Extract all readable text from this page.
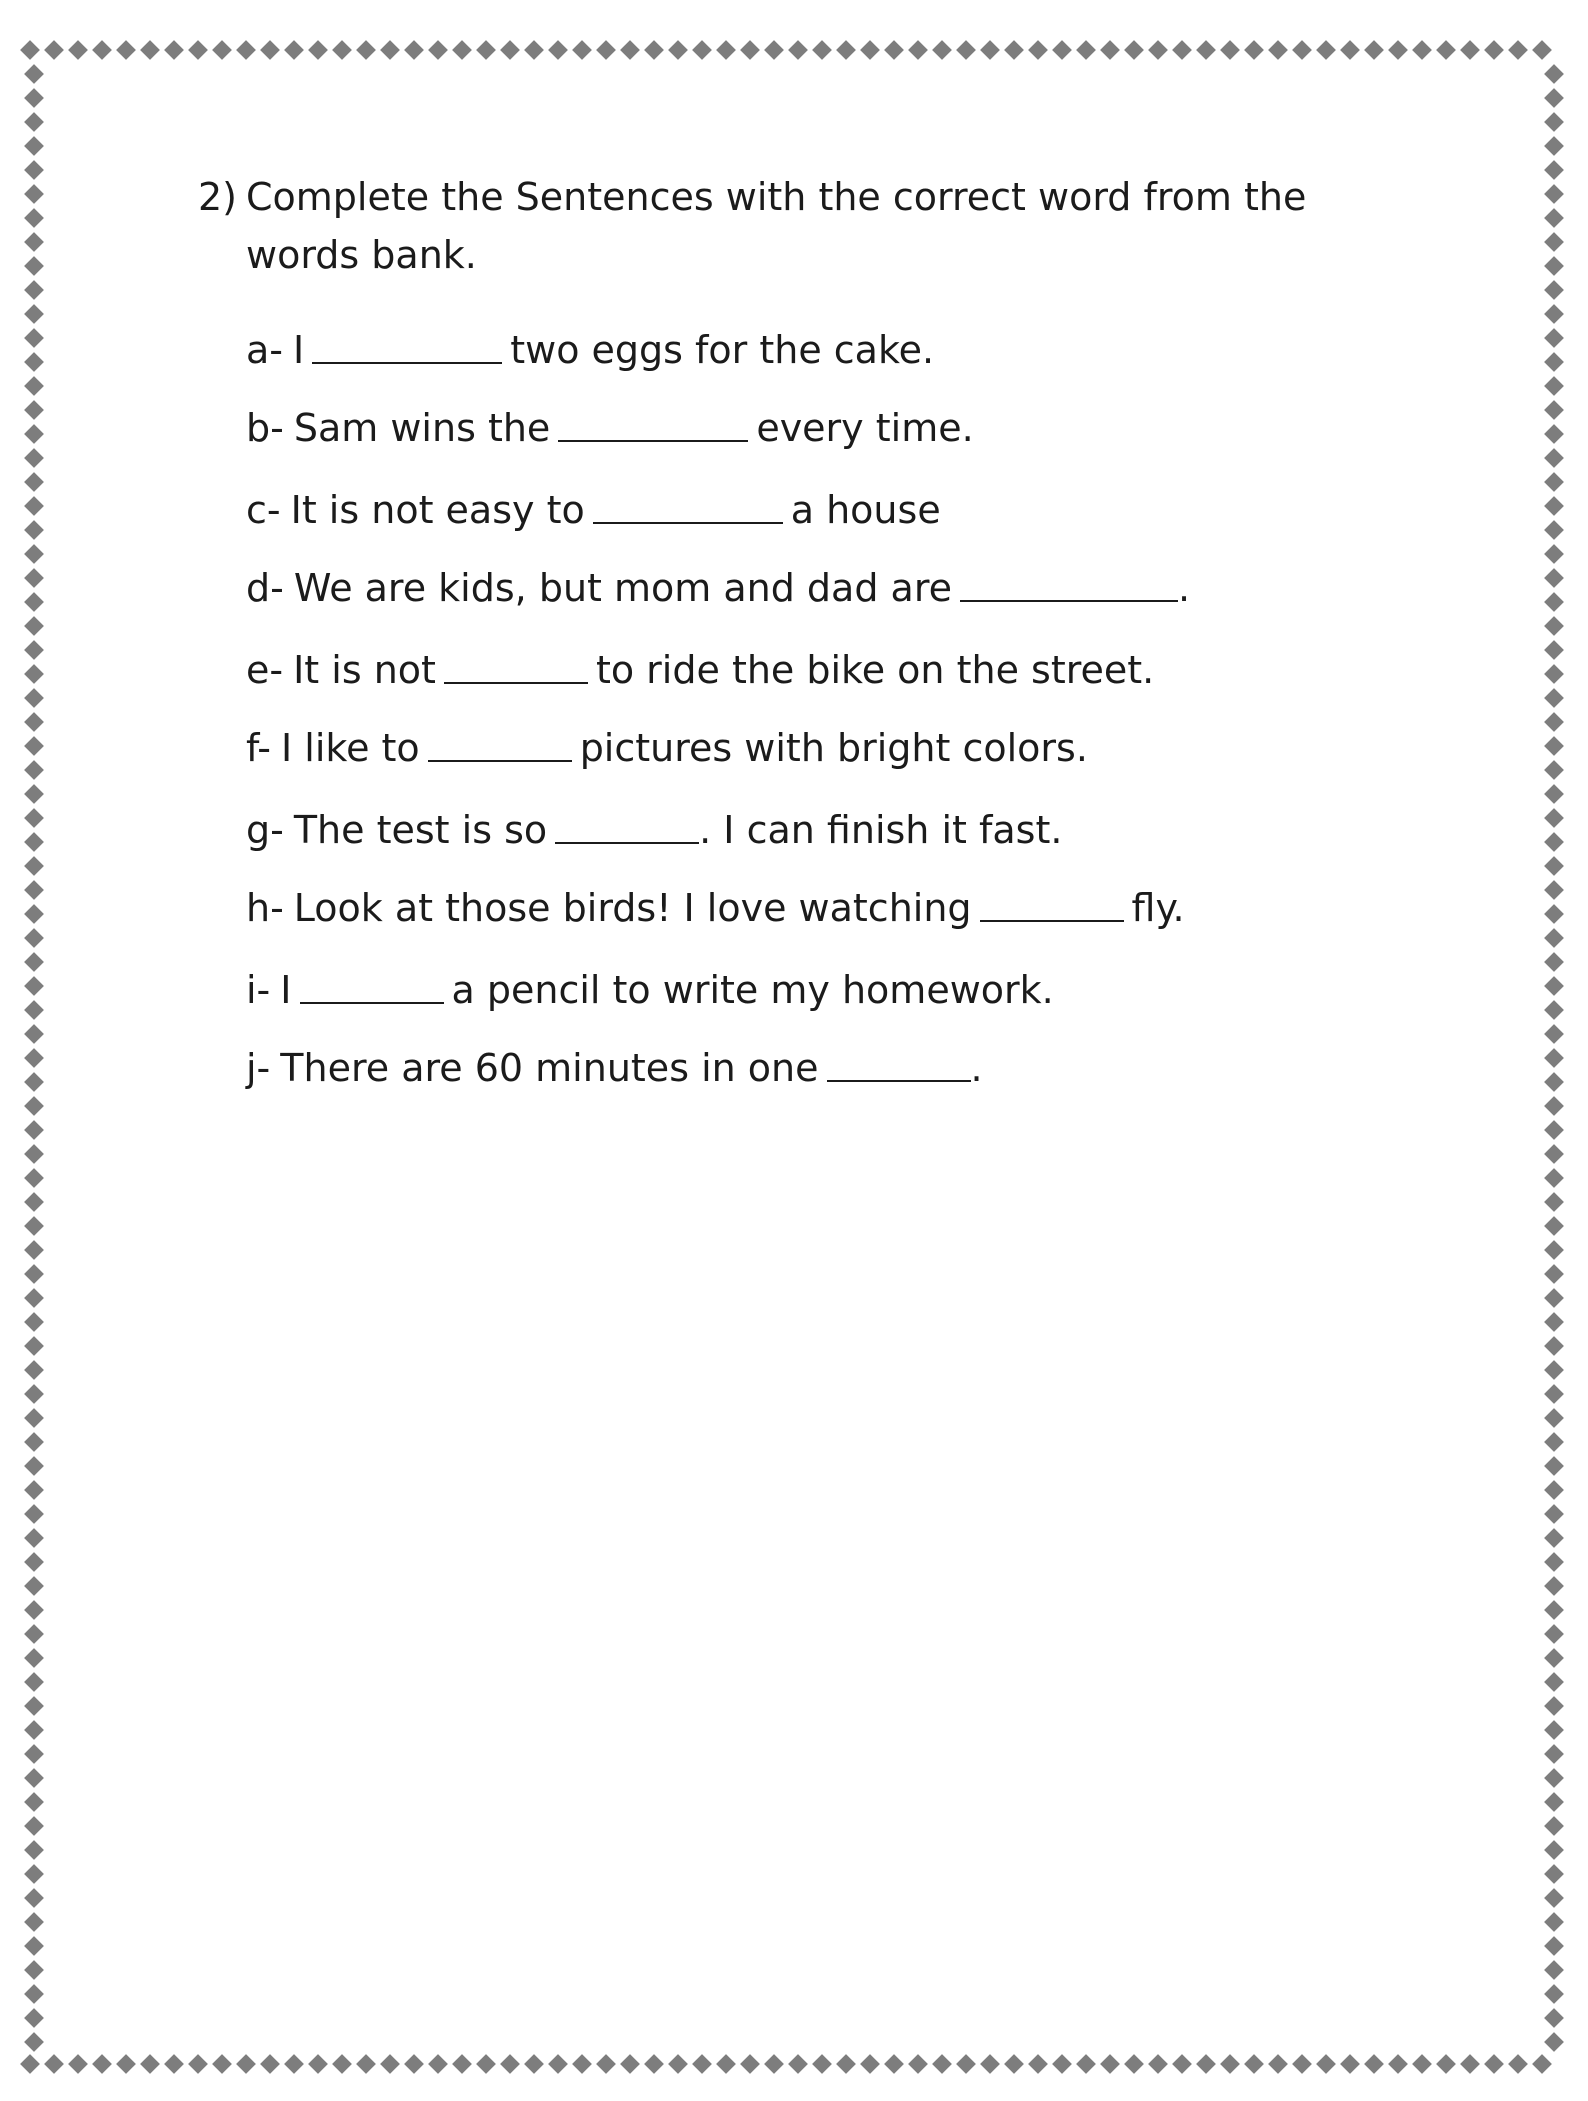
2) Complete the Sentences with the correct word from the words bank.

a- I	two eggs for the cake.
b- Sam wins the	every time.
c- It is not easy to	a house
d- We are kids, but mom and dad are	.
e- It is not	to ride the bike on the street.
f- I like to	pictures with bright colors.
g- The test is so	. I can finish it fast.
h- Look at those birds! I love watching	fly.
i- I	a pencil to write my homework.
j- There are 60 minutes in one	.
